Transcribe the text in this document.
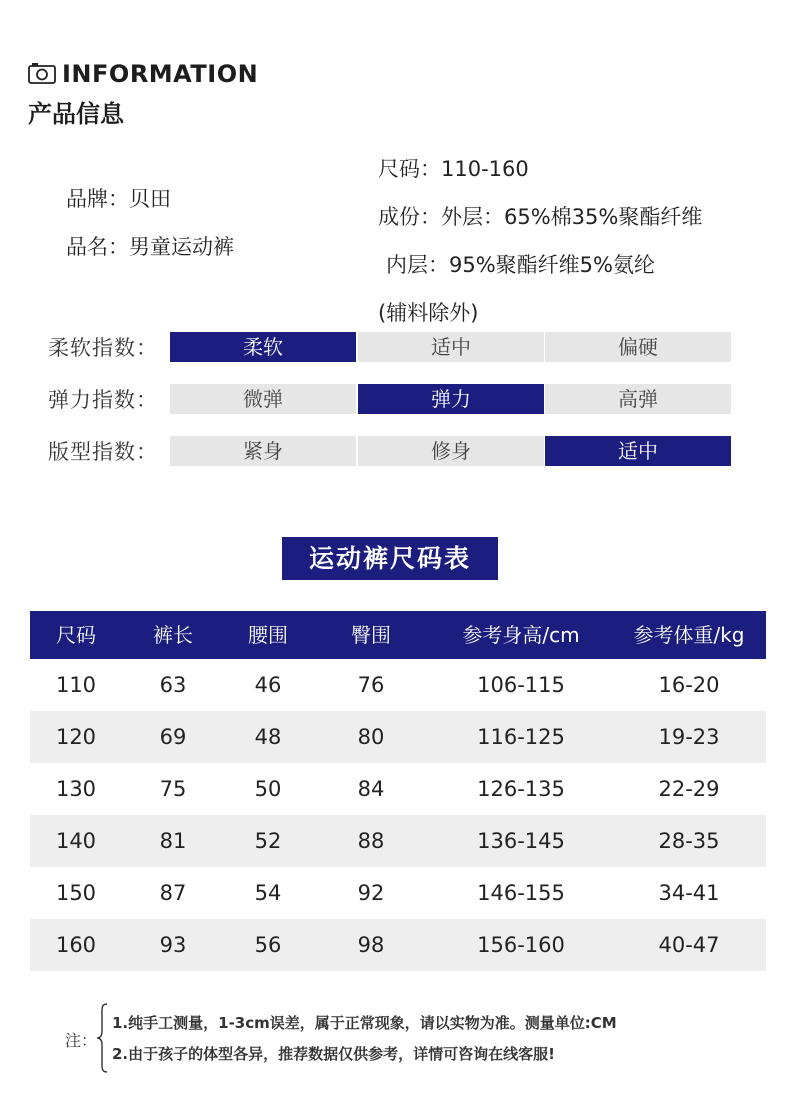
INFORMATION
产品信息
品牌：贝田
品名：男童运动裤
尺码：110-160
成份：外层：65%棉35%聚酯纤维
内层：95%聚酯纤维5%氨纶
(辅料除外)
柔软指数：	柔软	适中	偏硬
弹力指数：	微弹	弹力	高弹
版型指数：	紧身	修身	适中
运动裤尺码表
尺码	裤长	腰围	臀围	参考身高/cm	参考体重/kg
110	63	46	76	106-115	16-20
120	69	48	80	116-125	19-23
130	75	50	84	126-135	22-29
140	81	52	88	136-145	28-35
150	87	54	92	146-155	34-41
160	93	56	98	156-160	40-47
注：
1.纯手工测量，1-3cm误差，属于正常现象，请以实物为准。测量单位:CM
2.由于孩子的体型各异，推荐数据仅供参考，详情可咨询在线客服!
